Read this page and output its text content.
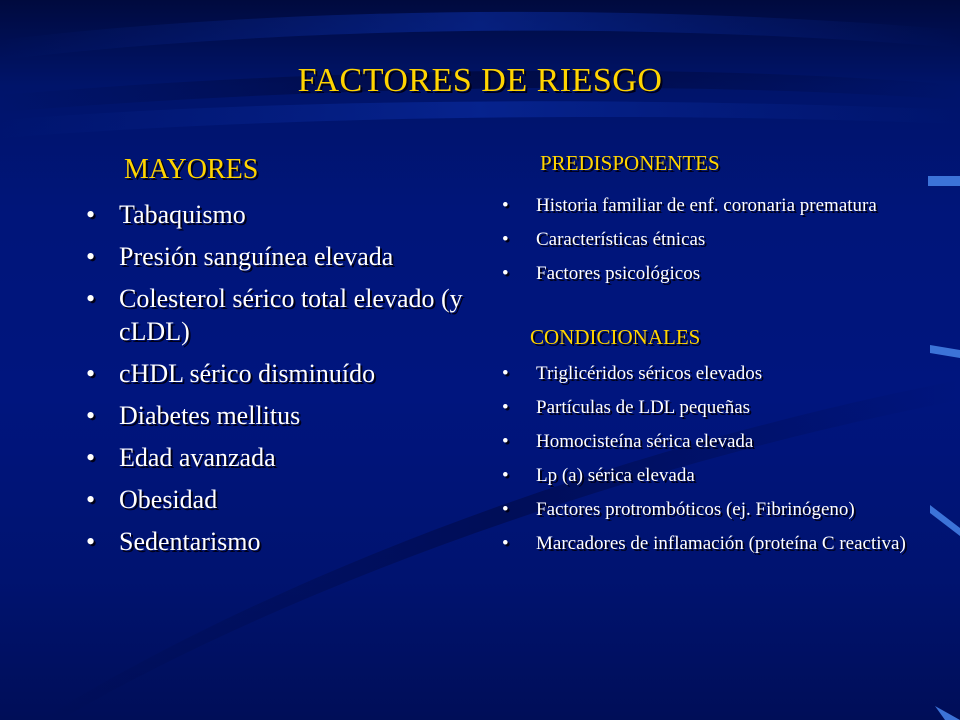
FACTORES DE RIESGO
MAYORES
• Tabaquismo
• Presión sanguínea elevada
• Colesterol sérico total elevado (y cLDL)
• cHDL sérico disminuído
• Diabetes mellitus
• Edad avanzada
• Obesidad
• Sedentarismo
PREDISPONENTES
• Historia familiar de enf. coronaria prematura
• Características étnicas
• Factores psicológicos
CONDICIONALES
• Triglicéridos séricos elevados
• Partículas de LDL pequeñas
• Homocisteína sérica elevada
• Lp (a) sérica elevada
• Factores protrombóticos (ej. Fibrinógeno)
• Marcadores de inflamación (proteína C reactiva)
